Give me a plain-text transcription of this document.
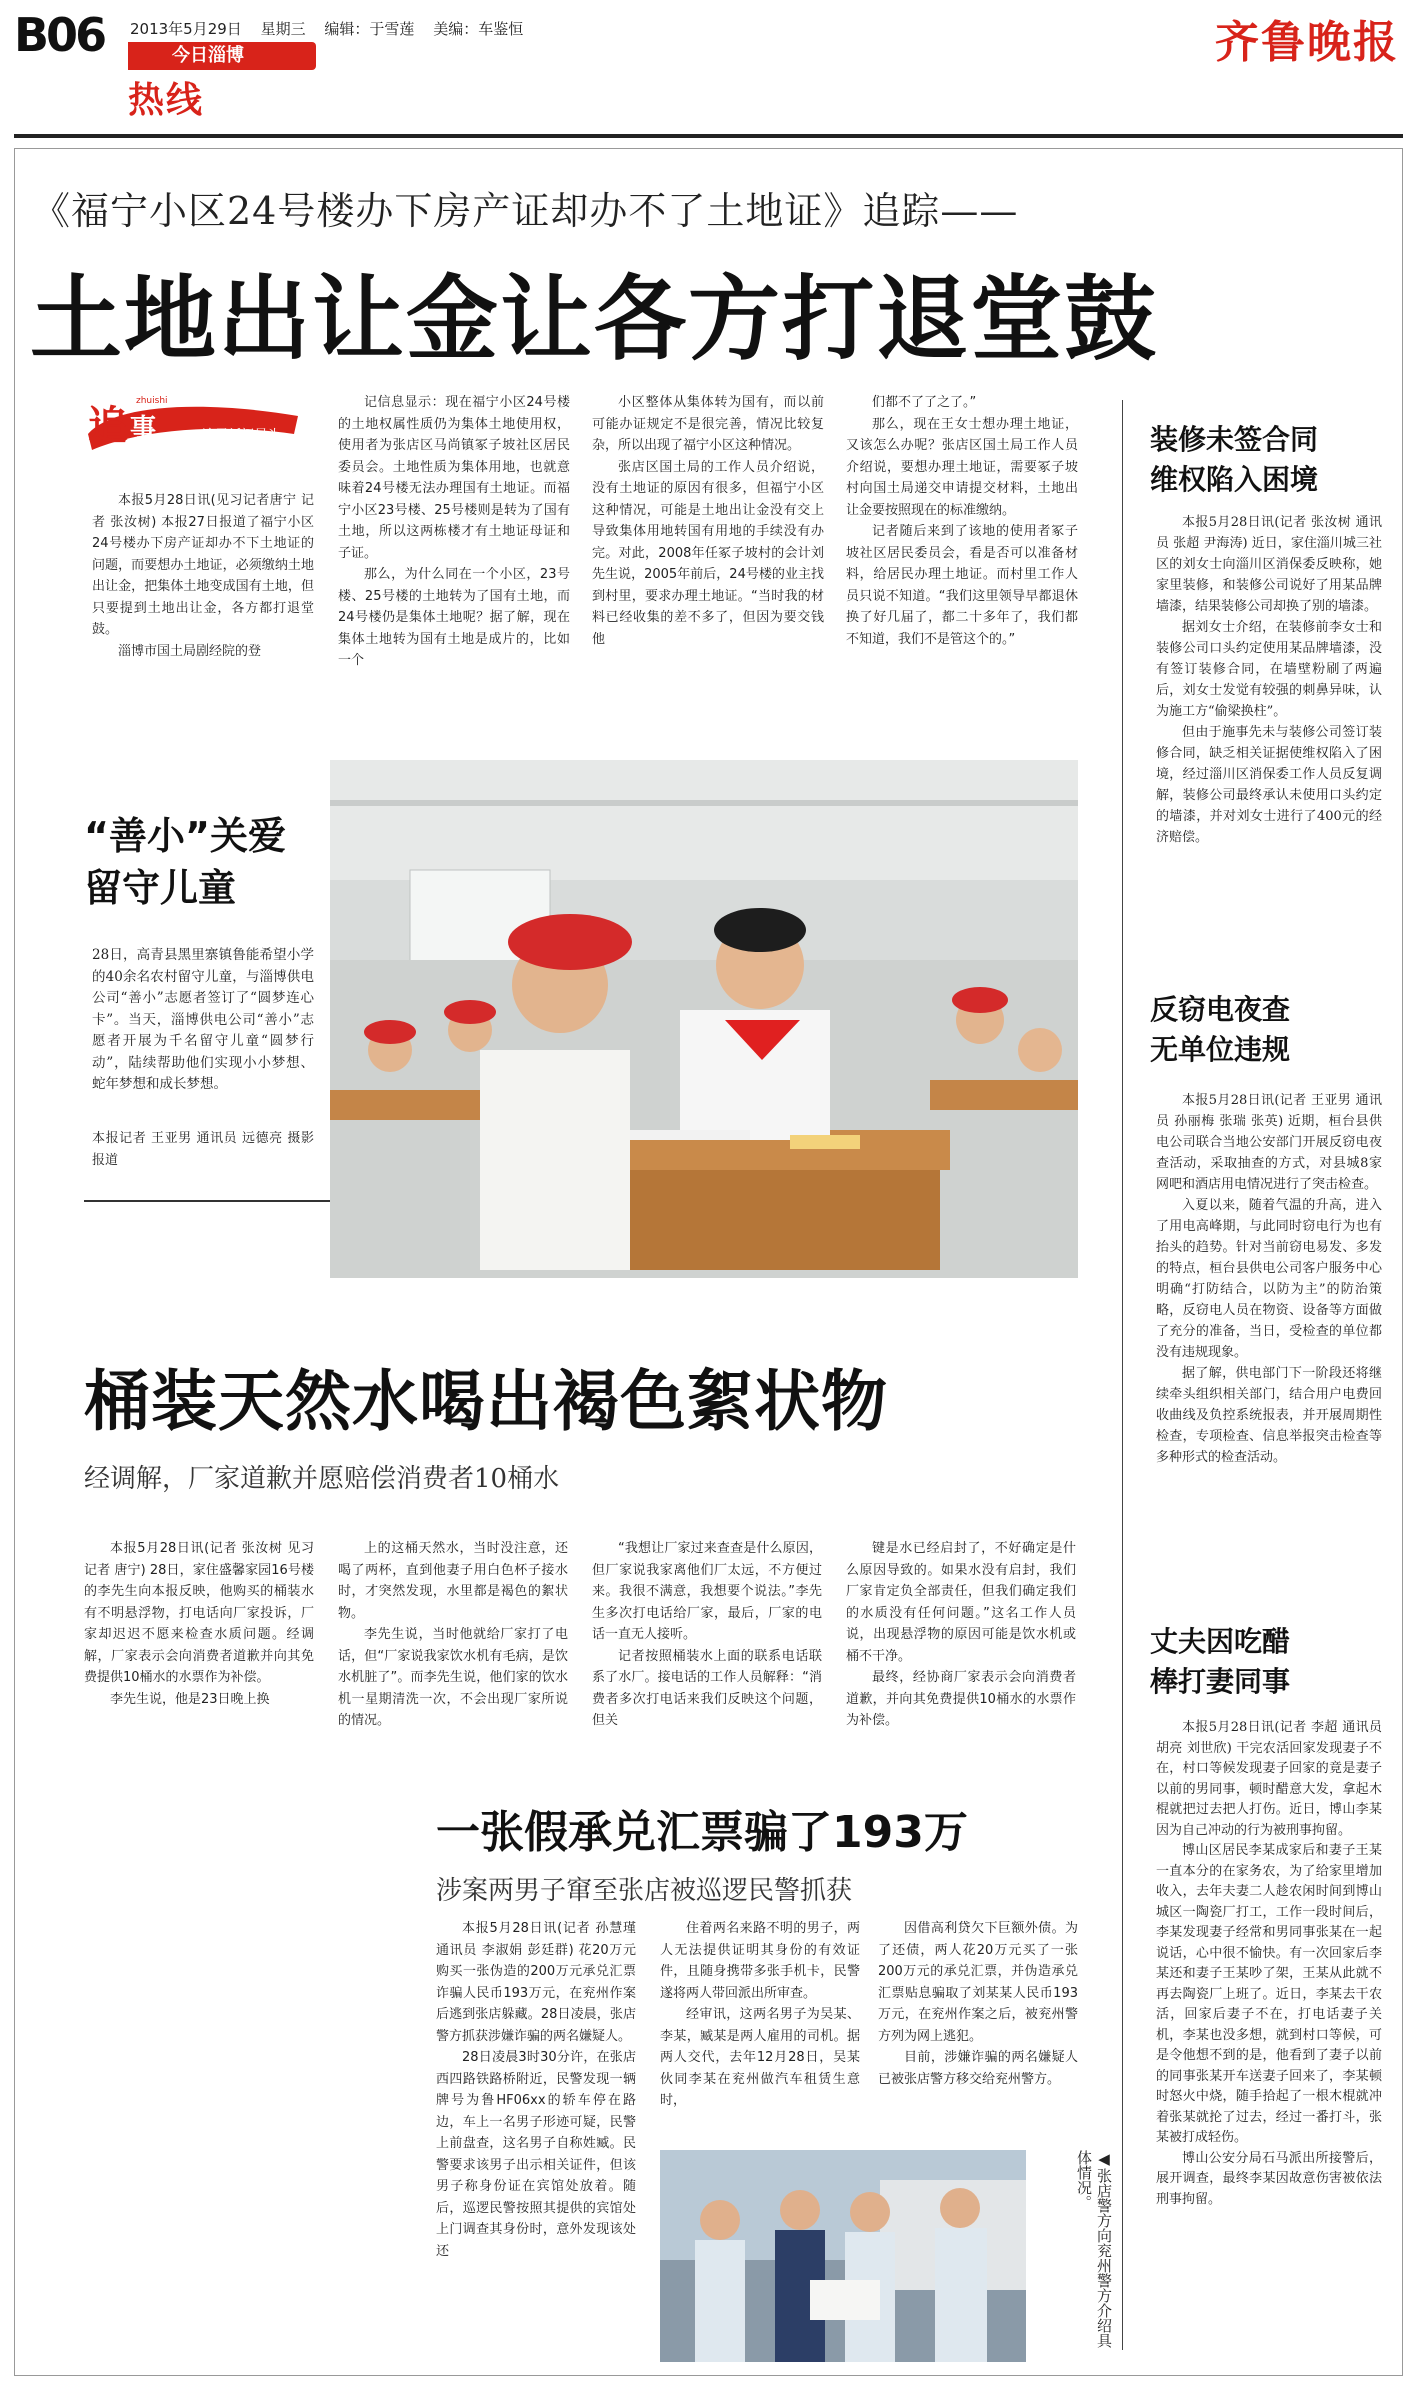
B06 2013年5月29日 星期三 编辑：于雪莲 美编：车鉴恒
今日淄博
热线
齐鲁晚报
《福宁小区24号楼办下房产证却办不了土地证》追踪——
土地出让金让各方打退堂鼓
追 事
zhuishi
追寻新闻尽头

本报5月28日讯(见习记者唐宁 记者 张汝树) 本报27日报道了福宁小区24号楼办下房产证却办不下土地证的问题，而要想办土地证，必须缴纳土地出让金，把集体土地变成国有土地，但只要提到土地出让金，各方都打退堂鼓。

淄博市国土局剧经院的登

记信息显示：现在福宁小区24号楼的土地权属性质仍为集体土地使用权，使用者为张店区马尚镇冢子坡社区居民委员会。土地性质为集体用地，也就意味着24号楼无法办理国有土地证。而福宁小区23号楼、25号楼则是转为了国有土地，所以这两栋楼才有土地证母证和子证。

那么，为什么同在一个小区，23号楼、25号楼的土地转为了国有土地，而24号楼仍是集体土地呢？据了解，现在集体土地转为国有土地是成片的，比如一个

小区整体从集体转为国有，而以前可能办证规定不是很完善，情况比较复杂，所以出现了福宁小区这种情况。

张店区国土局的工作人员介绍说，没有土地证的原因有很多，但福宁小区这种情况，可能是土地出让金没有交上导致集体用地转国有用地的手续没有办完。对此，2008年任冢子坡村的会计刘先生说，2005年前后，24号楼的业主找到村里，要求办理土地证。“当时我的材料已经收集的差不多了，但因为要交钱他

们都不了了之了。”

那么，现在王女士想办理土地证，又该怎么办呢？张店区国土局工作人员介绍说，要想办理土地证，需要冢子坡村向国土局递交申请提交材料，土地出让金要按照现在的标准缴纳。

记者随后来到了该地的使用者冢子坡社区居民委员会，看是否可以准备材料，给居民办理土地证。而村里工作人员只说不知道。“我们这里领导早都退休换了好几届了，都二十多年了，我们都不知道，我们不是管这个的。”

“善小”关爱
留守儿童
28日，高青县黑里寨镇鲁能希望小学的40余名农村留守儿童，与淄博供电公司“善小”志愿者签订了“圆梦连心卡”。当天，淄博供电公司“善小”志愿者开展为千名留守儿童“圆梦行动”，陆续帮助他们实现小小梦想、蛇年梦想和成长梦想。
本报记者 王亚男 通讯员 远德亮 摄影报道
桶装天然水喝出褐色絮状物
经调解，厂家道歉并愿赔偿消费者10桶水

本报5月28日讯(记者 张汝树 见习记者 唐宁) 28日，家住盛馨家园16号楼的李先生向本报反映，他购买的桶装水有不明悬浮物，打电话向厂家投诉，厂家却迟迟不愿来检查水质问题。经调解，厂家表示会向消费者道歉并向其免费提供10桶水的水票作为补偿。

李先生说，他是23日晚上换

上的这桶天然水，当时没注意，还喝了两杯，直到他妻子用白色杯子接水时，才突然发现，水里都是褐色的絮状物。

李先生说，当时他就给厂家打了电话，但“厂家说我家饮水机有毛病，是饮水机脏了”。而李先生说，他们家的饮水机一星期清洗一次，不会出现厂家所说的情况。

“我想让厂家过来查查是什么原因，但厂家说我家离他们厂太远，不方便过来。我很不满意，我想要个说法。”李先生多次打电话给厂家，最后，厂家的电话一直无人接听。

记者按照桶装水上面的联系电话联系了水厂。接电话的工作人员解释：“消费者多次打电话来我们反映这个问题，但关

键是水已经启封了，不好确定是什么原因导致的。如果水没有启封，我们厂家肯定负全部责任，但我们确定我们的水质没有任何问题。”这名工作人员说，出现悬浮物的原因可能是饮水机或桶不干净。

最终，经协商厂家表示会向消费者道歉，并向其免费提供10桶水的水票作为补偿。

一张假承兑汇票骗了193万
涉案两男子窜至张店被巡逻民警抓获

本报5月28日讯(记者 孙慧瑾 通讯员 李淑娟 彭廷群) 花20万元购买一张伪造的200万元承兑汇票诈骗人民币193万元，在兖州作案后逃到张店躲藏。28日凌晨，张店警方抓获涉嫌诈骗的两名嫌疑人。

28日凌晨3时30分许，在张店西四路铁路桥附近，民警发现一辆牌号为鲁HF06xx的轿车停在路边，车上一名男子形迹可疑，民警上前盘查，这名男子自称姓臧。民警要求该男子出示相关证件，但该男子称身份证在宾馆处放着。随后，巡逻民警按照其提供的宾馆处上门调查其身份时，意外发现该处还

住着两名来路不明的男子，两人无法提供证明其身份的有效证件，且随身携带多张手机卡，民警遂将两人带回派出所审查。

经审讯，这两名男子为吴某、李某，臧某是两人雇用的司机。据两人交代，去年12月28日，吴某伙同李某在兖州做汽车租赁生意时，

因借高利贷欠下巨额外债。为了还债，两人花20万元买了一张200万元的承兑汇票，并伪造承兑汇票贴息骗取了刘某某人民币193万元，在兖州作案之后，被兖州警方列为网上逃犯。

目前，涉嫌诈骗的两名嫌疑人已被张店警方移交给兖州警方。

◀张店警方向兖州警方介绍具体情况。
装修未签合同
维权陷入困境

本报5月28日讯(记者 张汝树 通讯员 张超 尹海涛) 近日，家住淄川城三社区的刘女士向淄川区消保委反映称，她家里装修，和装修公司说好了用某品牌墙漆，结果装修公司却换了别的墙漆。

据刘女士介绍，在装修前李女士和装修公司口头约定使用某品牌墙漆，没有签订装修合同，在墙壁粉刷了两遍后，刘女士发觉有较强的刺鼻异味，认为施工方“偷梁换柱”。

但由于施事先未与装修公司签订装修合同，缺乏相关证据使维权陷入了困境，经过淄川区消保委工作人员反复调解，装修公司最终承认未使用口头约定的墙漆，并对刘女士进行了400元的经济赔偿。

反窃电夜查
无单位违规

本报5月28日讯(记者 王亚男 通讯员 孙丽梅 张瑞 张英) 近期，桓台县供电公司联合当地公安部门开展反窃电夜查活动，采取抽查的方式，对县城8家网吧和酒店用电情况进行了突击检查。

入夏以来，随着气温的升高，进入了用电高峰期，与此同时窃电行为也有抬头的趋势。针对当前窃电易发、多发的特点，桓台县供电公司客户服务中心明确“打防结合，以防为主”的防治策略，反窃电人员在物资、设备等方面做了充分的准备，当日，受检查的单位都没有违规现象。

据了解，供电部门下一阶段还将继续牵头组织相关部门，结合用户电费回收曲线及负控系统报表，并开展周期性检查，专项检查、信息举报突击检查等多种形式的检查活动。

丈夫因吃醋
棒打妻同事

本报5月28日讯(记者 李超 通讯员 胡亮 刘世欣) 干完农活回家发现妻子不在，村口等候发现妻子回家的竟是妻子以前的男同事，顿时醋意大发，拿起木棍就把过去把人打伤。近日，博山李某因为自己冲动的行为被刑事拘留。

博山区居民李某成家后和妻子王某一直本分的在家务农，为了给家里增加收入，去年夫妻二人趁农闲时间到博山城区一陶瓷厂打工，工作一段时间后，李某发现妻子经常和男同事张某在一起说话，心中很不愉快。有一次回家后李某还和妻子王某吵了架，王某从此就不再去陶瓷厂上班了。近日，李某去干农活，回家后妻子不在，打电话妻子关机，李某也没多想，就到村口等候，可是令他想不到的是，他看到了妻子以前的同事张某开车送妻子回来了，李某顿时怒火中烧，随手拾起了一根木棍就冲着张某就抡了过去，经过一番打斗，张某被打成轻伤。

博山公安分局石马派出所接警后，展开调查，最终李某因故意伤害被依法刑事拘留。
